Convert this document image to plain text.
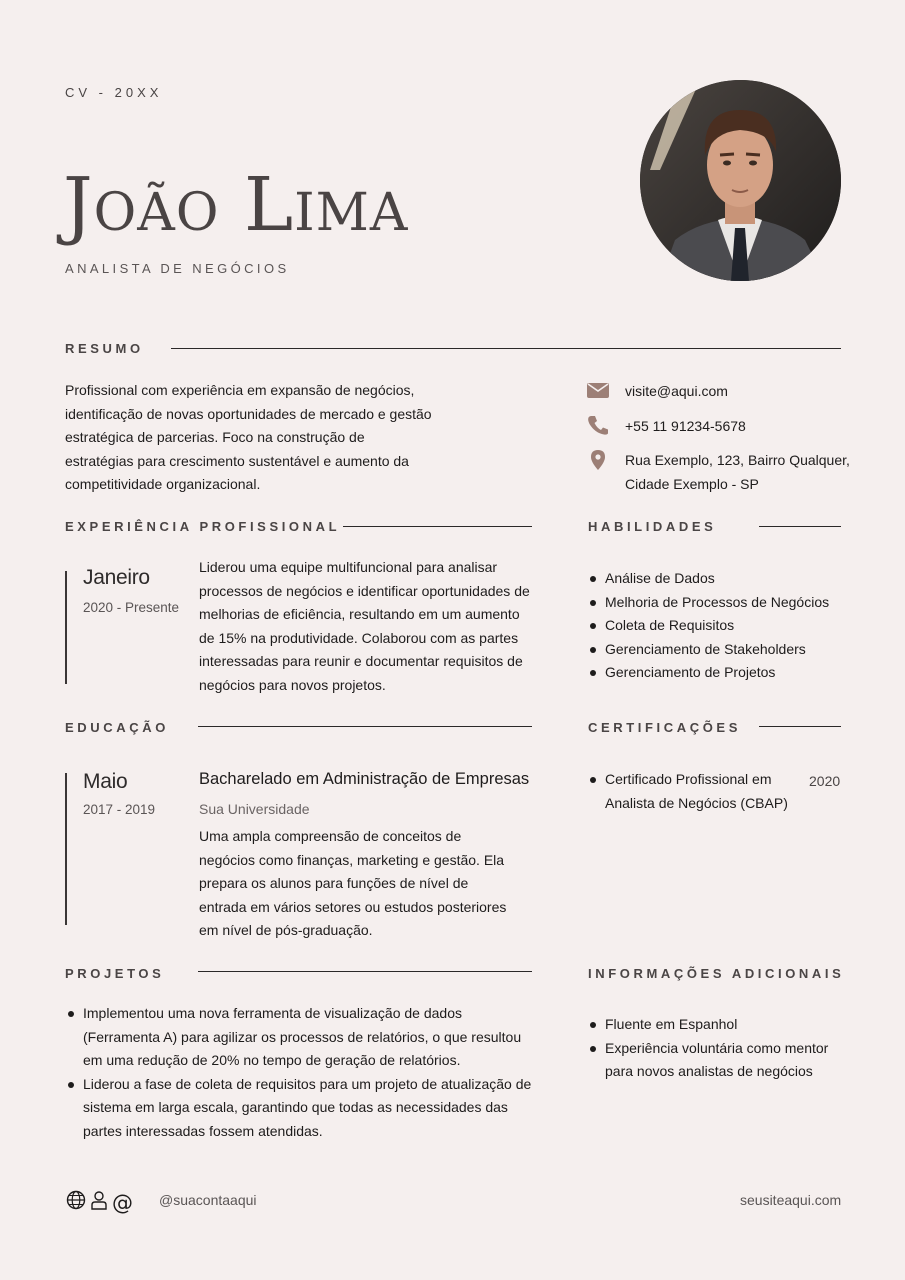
CV - 20XX
João Lima
ANALISTA DE NEGÓCIOS
RESUMO
Profissional com experiência em expansão de negócios, identificação de novas oportunidades de mercado e gestão estratégica de parcerias. Foco na construção de estratégias para crescimento sustentável e aumento da competitividade organizacional.
visite@aqui.com
+55 11 91234-5678
Rua Exemplo, 123, Bairro Qualquer,
Cidade Exemplo - SP
EXPERIÊNCIA PROFISSIONAL
Janeiro
2020 - Presente
Liderou uma equipe multifuncional para analisar processos de negócios e identificar oportunidades de melhorias de eficiência, resultando em um aumento de 15% na produtividade. Colaborou com as partes interessadas para reunir e documentar requisitos de negócios para novos projetos.
HABILIDADES
Análise de Dados
Melhoria de Processos de Negócios
Coleta de Requisitos
Gerenciamento de Stakeholders
Gerenciamento de Projetos
EDUCAÇÃO
Maio
2017 - 2019
Bacharelado em Administração de Empresas
Sua Universidade
Uma ampla compreensão de conceitos de negócios como finanças, marketing e gestão. Ela prepara os alunos para funções de nível de entrada em vários setores ou estudos posteriores em nível de pós-graduação.
CERTIFICAÇÕES
Certificado Profissional em
Analista de Negócios (CBAP)
2020
PROJETOS
Implementou uma nova ferramenta de visualização de dados (Ferramenta A) para agilizar os processos de relatórios, o que resultou em uma redução de 20% no tempo de geração de relatórios.
Liderou a fase de coleta de requisitos para um projeto de atualização de sistema em larga escala, garantindo que todas as necessidades das partes interessadas fossem atendidas.
INFORMAÇÕES ADICIONAIS
Fluente em Espanhol
Experiência voluntária como mentor para novos analistas de negócios
@ @suacontaaqui	seusiteaqui.com
